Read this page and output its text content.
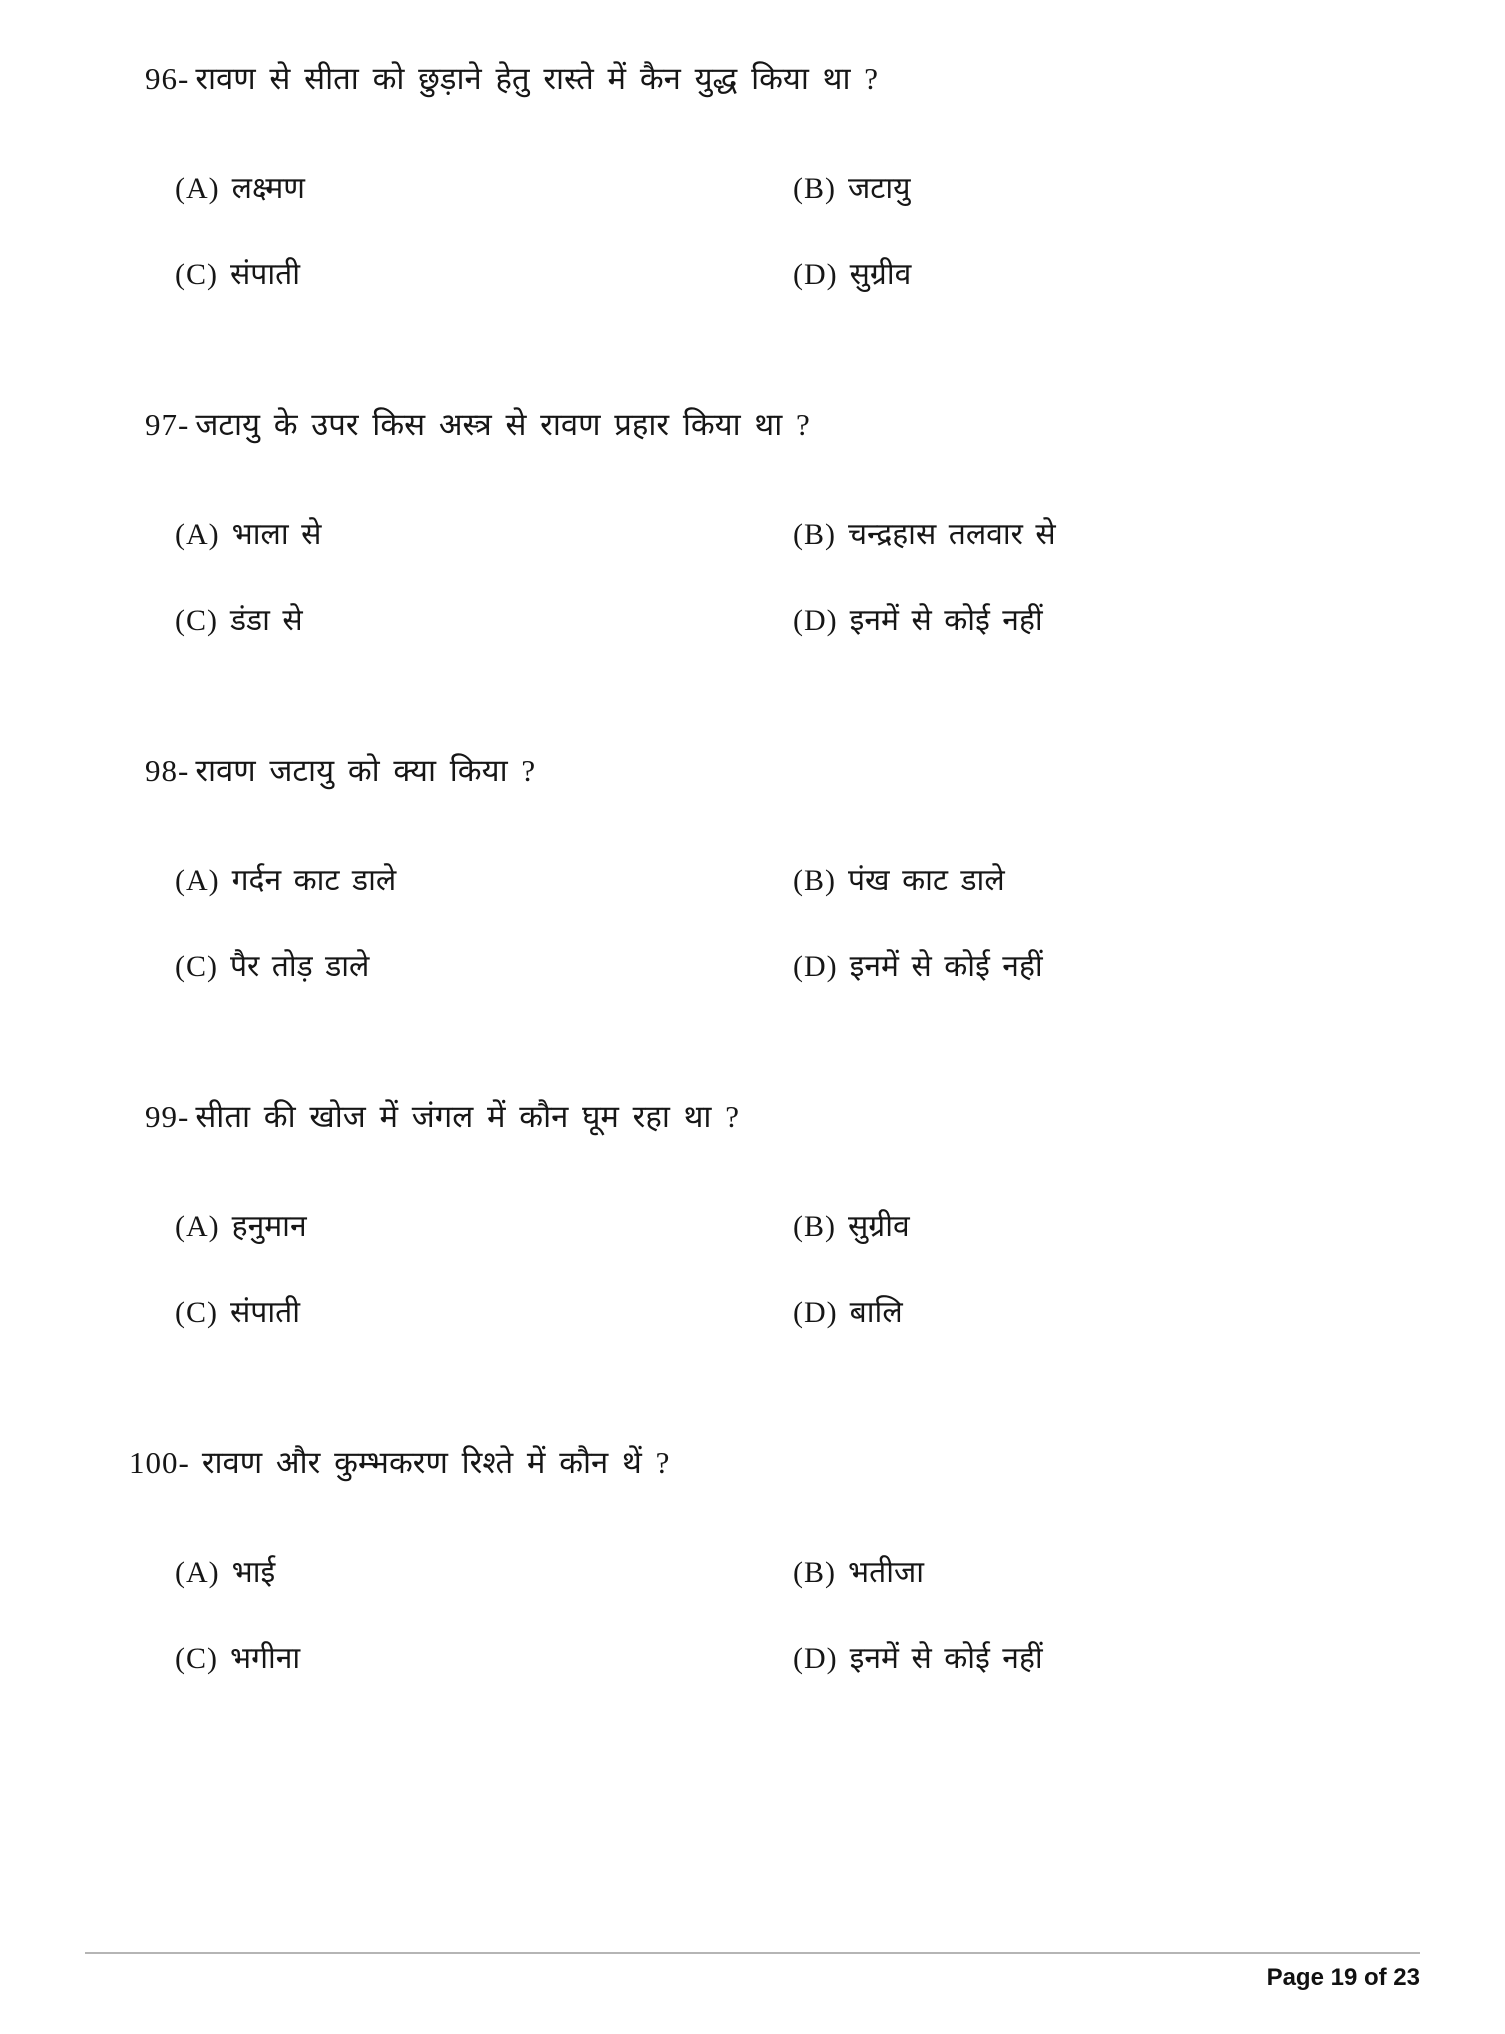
96- रावण से सीता को छुड़ाने हेतु रास्ते में कैन युद्ध किया था ?
(A) लक्ष्मण	(B) जटायु
(C) संपाती	(D) सुग्रीव
97- जटायु के उपर किस अस्त्र से रावण प्रहार किया था ?
(A) भाला से	(B) चन्द्रहास तलवार से
(C) डंडा से	(D) इनमें से कोई नहीं
98- रावण जटायु को क्या किया ?
(A) गर्दन काट डाले	(B) पंख काट डाले
(C) पैर तोड़ डाले	(D) इनमें से कोई नहीं
99- सीता की खोज में जंगल में कौन घूम रहा था ?
(A) हनुमान	(B) सुग्रीव
(C) संपाती	(D) बालि
100- रावण और कुम्भकरण रिश्ते में कौन थें ?
(A) भाई	(B) भतीजा
(C) भगीना	(D) इनमें से कोई नहीं
Page 19 of 23
